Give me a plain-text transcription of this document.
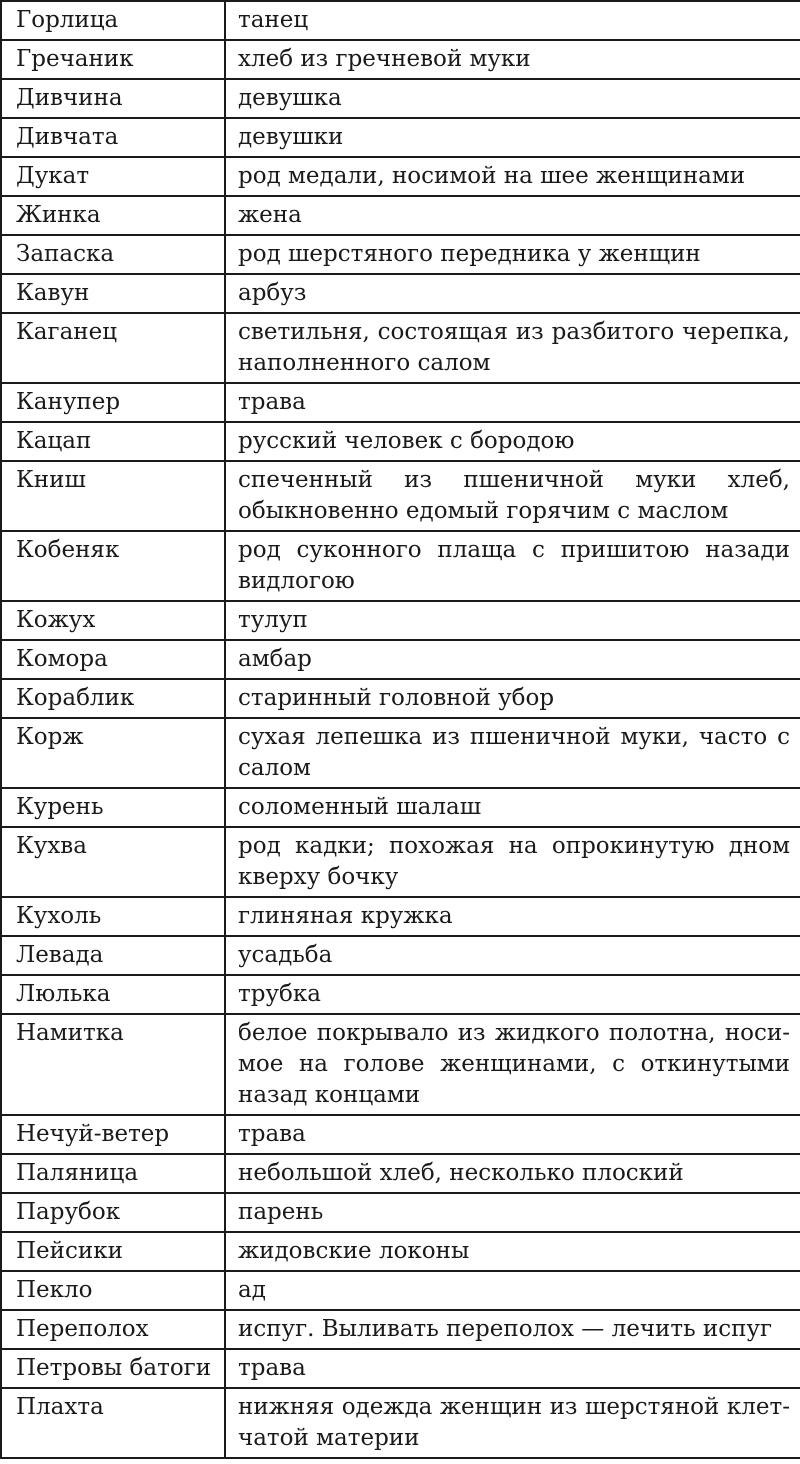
Горлица	танец
Гречаник	хлеб из гречневой муки
Дивчина	девушка
Дивчата	девушки
Дукат	род медали, носимой на шее женщинами
Жинка	жена
Запаска	род шерстяного передника у женщин
Кавун	арбуз
Каганец	светильня, состоящая из разбитого черепка, наполненного салом
Канупер	трава
Кацап	русский человек с бородою
Книш	спеченный из пшеничной муки хлеб, обыкновенно едомый горячим с маслом
Кобеняк	род суконного плаща с пришитою назади видлогою
Кожух	тулуп
Комора	амбар
Кораблик	старинный головной убор
Корж	сухая лепешка из пшеничной муки, часто с салом
Курень	соломенный шалаш
Кухва	род кадки; похожая на опрокинутую дном кверху бочку
Кухоль	глиняная кружка
Левада	усадьба
Люлька	трубка
Намитка	белое покрывало из жидкого полотна, носимое на голове женщинами, с откинутыми назад концами
Нечуй-ветер	трава
Паляница	небольшой хлеб, несколько плоский
Парубок	парень
Пейсики	жидовские локоны
Пекло	ад
Переполох	испуг. Выливать переполох — лечить испуг
Петровы батоги	трава
Плахта	нижняя одежда женщин из шерстяной клетчатой материи
